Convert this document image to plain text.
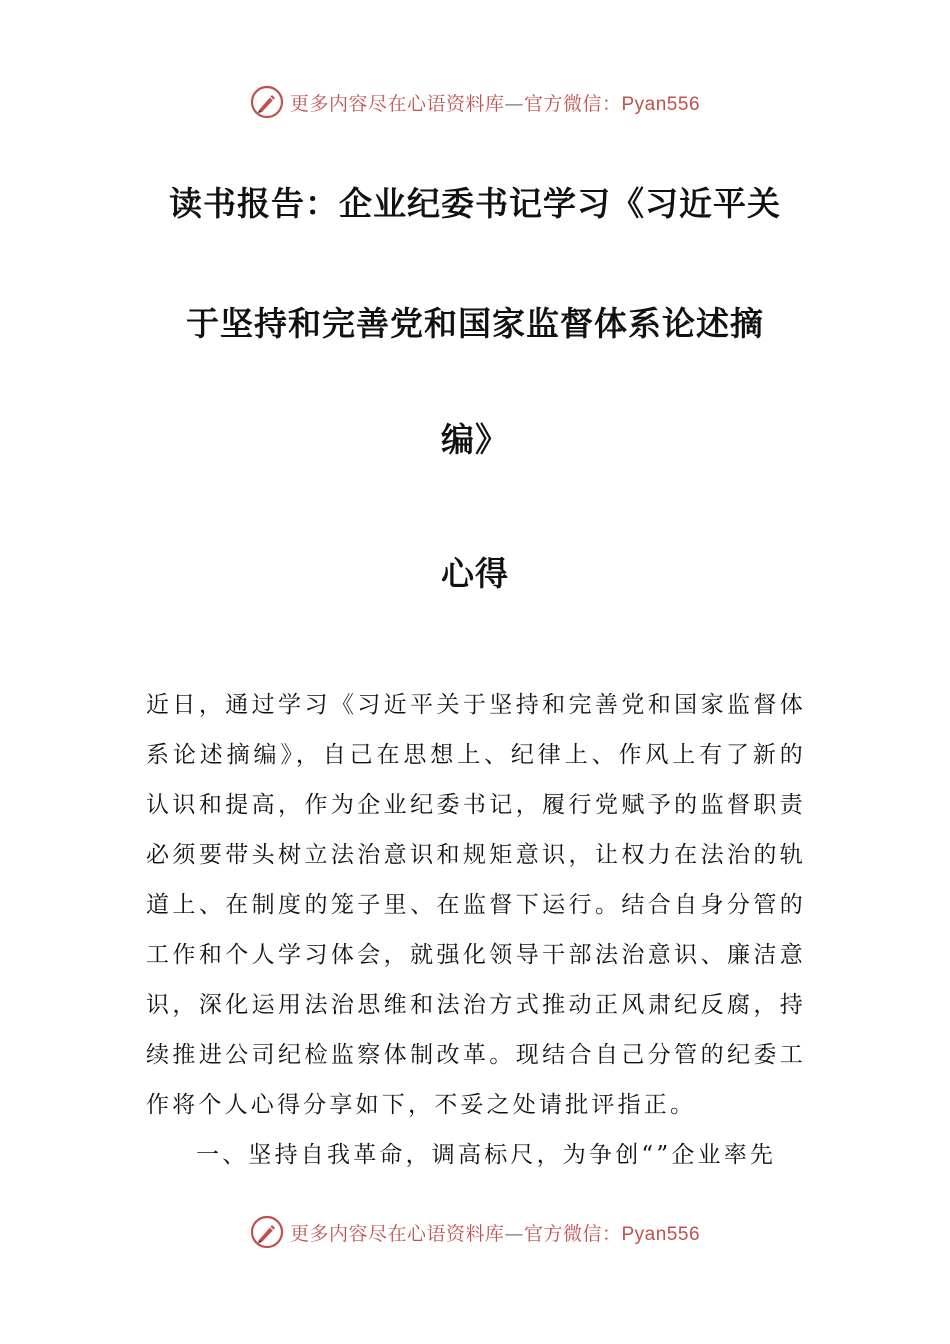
更多内容尽在心语资料库—官方微信：Pyan556
读书报告：企业纪委书记学习《习近平关
于坚持和完善党和国家监督体系论述摘
编》
心得

近日，通过学习《习近平关于坚持和完善党和国家监督体系论述摘编》，自己在思想上、纪律上、作风上有了新的认识和提高，作为企业纪委书记，履行党赋予的监督职责必须要带头树立法治意识和规矩意识，让权力在法治的轨道上、在制度的笼子里、在监督下运行。结合自身分管的工作和个人学习体会，就强化领导干部法治意识、廉洁意识，深化运用法治思维和法治方式推动正风肃纪反腐，持续推进公司纪检监察体制改革。现结合自己分管的纪委工作将个人心得分享如下，不妥之处请批评指正。

一、坚持自我革命，调高标尺，为争创“”企业率先

更多内容尽在心语资料库—官方微信：Pyan556
